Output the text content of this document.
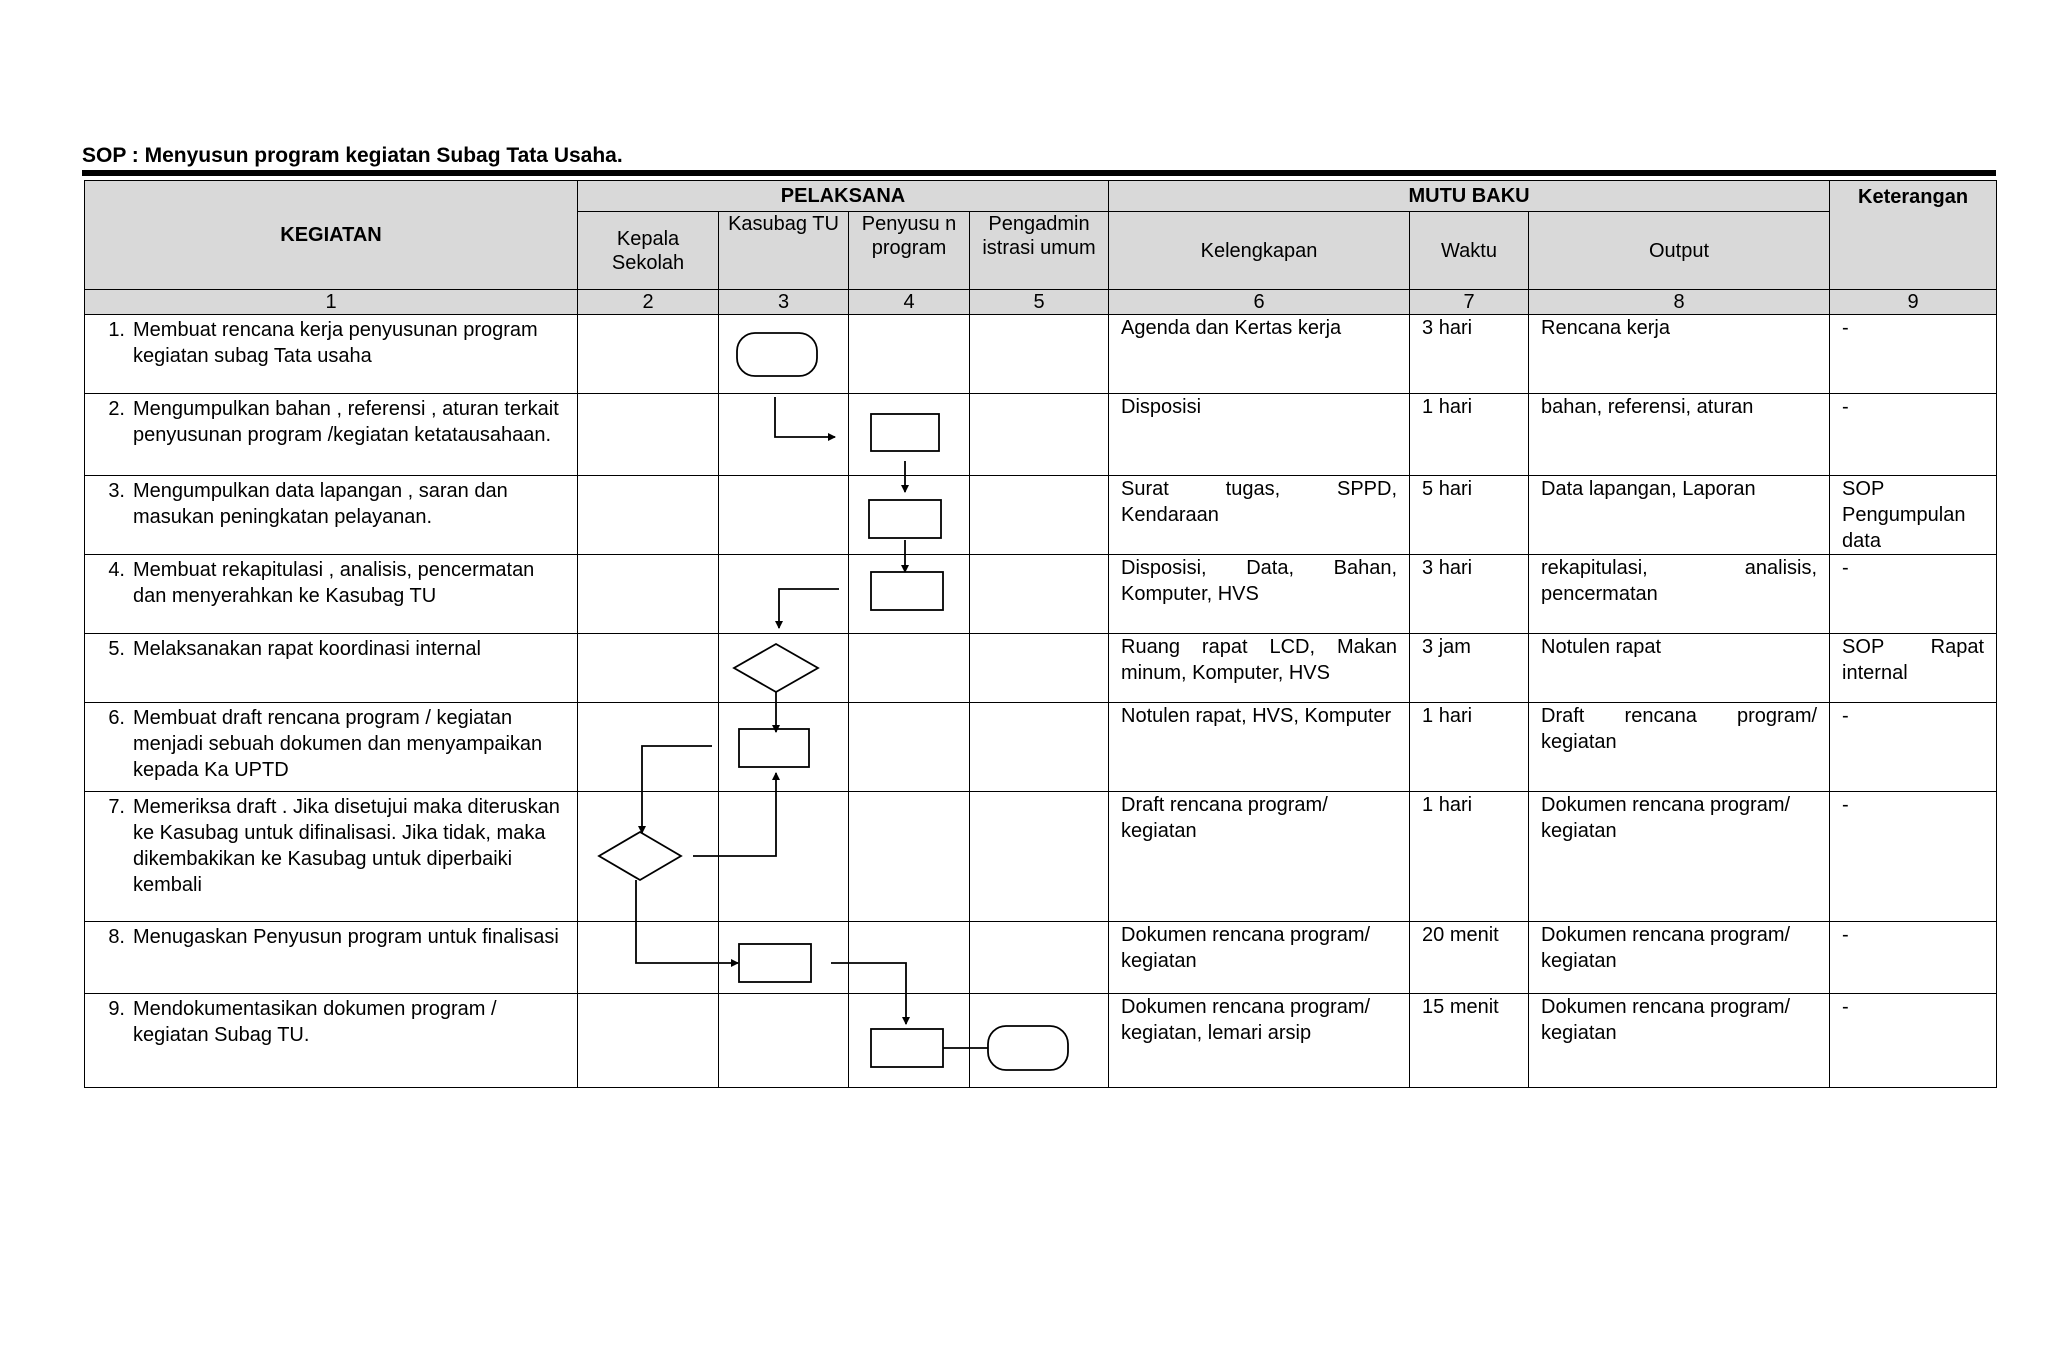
SOP : Menyusun program kegiatan Subag Tata Usaha.
KEGIATAN	PELAKSANA				MUTU BAKU			Keterangan
	Kepala Sekolah	Kasubag TU	Penyusu n program	Pengadmin istrasi umum	Kelengkapan	Waktu	Output	
1	2	3	4	5	6	7	8	9

1. Membuat rencana kerja penyusunan program kegiatan subag Tata usaha					Agenda dan Kertas kerja	3 hari	Rencana kerja	-

2. Mengumpulkan bahan , referensi , aturan terkait penyusunan program /kegiatan ketatausahaan.					Disposisi	1 hari	bahan, referensi, aturan	-

3. Mengumpulkan data lapangan , saran dan masukan peningkatan pelayanan.					Surat tugas, SPPD, Kendaraan	5 hari	Data lapangan, Laporan	SOP Pengumpulan data

4. Membuat rekapitulasi , analisis, pencermatan dan menyerahkan ke Kasubag TU					Disposisi, Data, Bahan, Komputer, HVS	3 hari	rekapitulasi, analisis, pencermatan	-

5. Melaksanakan rapat koordinasi internal					Ruang rapat LCD, Makan minum, Komputer, HVS	3 jam	Notulen rapat	SOP Rapat internal

6. Membuat draft rencana program / kegiatan menjadi sebuah dokumen dan menyampaikan kepada Ka UPTD					Notulen rapat, HVS, Komputer	1 hari	Draft rencana program/ kegiatan	-

7. Memeriksa draft . Jika disetujui maka diteruskan ke Kasubag untuk difinalisasi. Jika tidak, maka dikembakikan ke Kasubag untuk diperbaiki kembali					Draft rencana program/ kegiatan	1 hari	Dokumen rencana program/ kegiatan	-

8. Menugaskan Penyusun program untuk finalisasi					Dokumen rencana program/ kegiatan	20 menit	Dokumen rencana program/ kegiatan	-

9. Mendokumentasikan dokumen program / kegiatan Subag TU.					Dokumen rencana program/ kegiatan, lemari arsip	15 menit	Dokumen rencana program/ kegiatan	-
